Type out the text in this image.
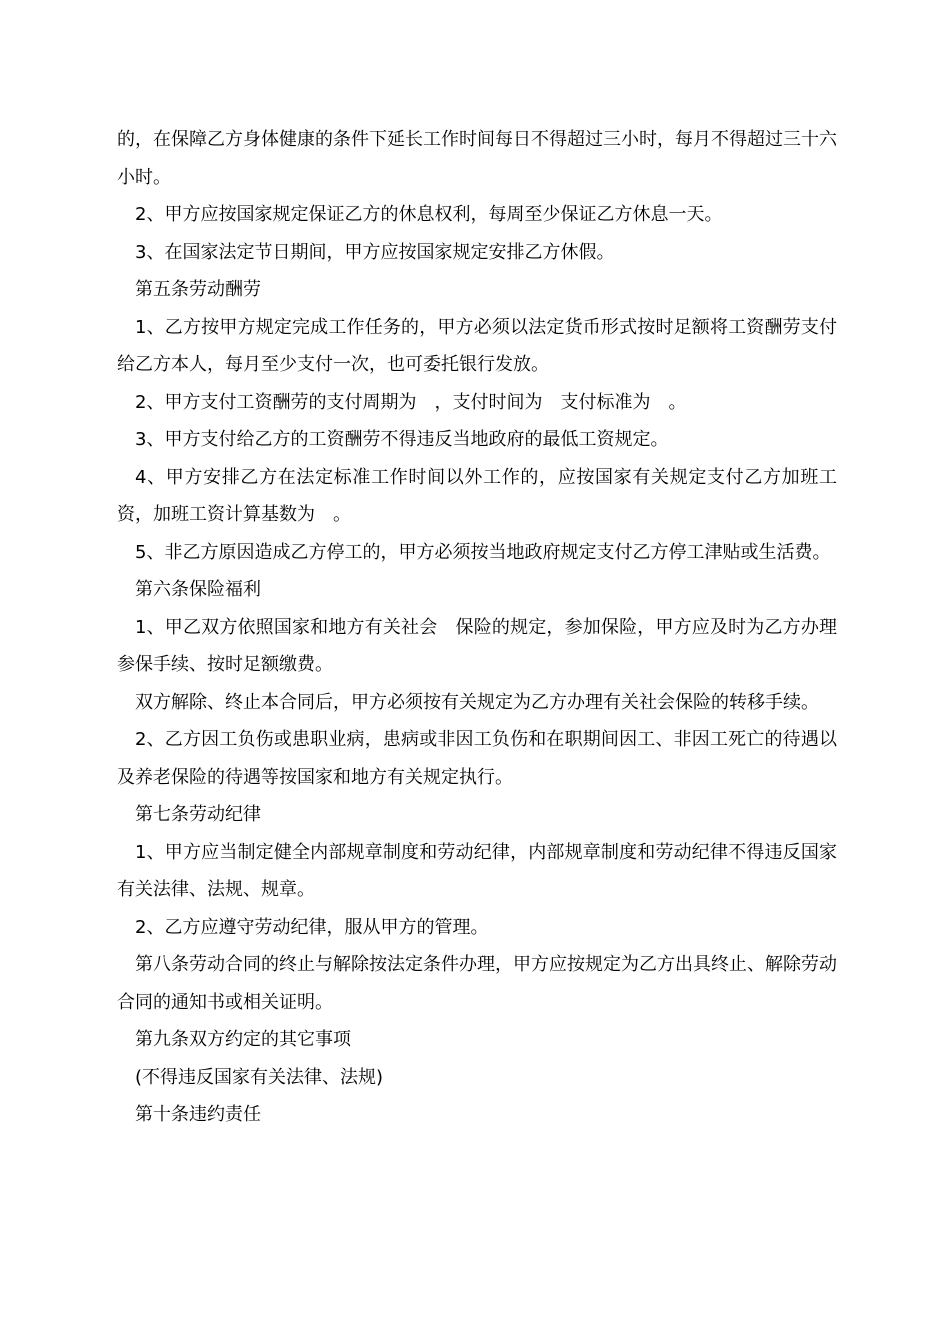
的，在保障乙方身体健康的条件下延长工作时间每日不得超过三小时，每月不得超过三十六小时。

2、甲方应按国家规定保证乙方的休息权利，每周至少保证乙方休息一天。

3、在国家法定节日期间，甲方应按国家规定安排乙方休假。

第五条劳动酬劳

1、乙方按甲方规定完成工作任务的，甲方必须以法定货币形式按时足额将工资酬劳支付给乙方本人，每月至少支付一次，也可委托银行发放。

2、甲方支付工资酬劳的支付周期为　，支付时间为　支付标准为　。

3、甲方支付给乙方的工资酬劳不得违反当地政府的最低工资规定。

4、甲方安排乙方在法定标准工作时间以外工作的，应按国家有关规定支付乙方加班工资，加班工资计算基数为　。

5、非乙方原因造成乙方停工的，甲方必须按当地政府规定支付乙方停工津贴或生活费。

第六条保险福利

1、甲乙双方依照国家和地方有关社会　保险的规定，参加保险，甲方应及时为乙方办理参保手续、按时足额缴费。

双方解除、终止本合同后，甲方必须按有关规定为乙方办理有关社会保险的转移手续。

2、乙方因工负伤或患职业病，患病或非因工负伤和在职期间因工、非因工死亡的待遇以及养老保险的待遇等按国家和地方有关规定执行。

第七条劳动纪律

1、甲方应当制定健全内部规章制度和劳动纪律，内部规章制度和劳动纪律不得违反国家有关法律、法规、规章。

2、乙方应遵守劳动纪律，服从甲方的管理。

第八条劳动合同的终止与解除按法定条件办理，甲方应按规定为乙方出具终止、解除劳动合同的通知书或相关证明。

第九条双方约定的其它事项

(不得违反国家有关法律、法规)

第十条违约责任
